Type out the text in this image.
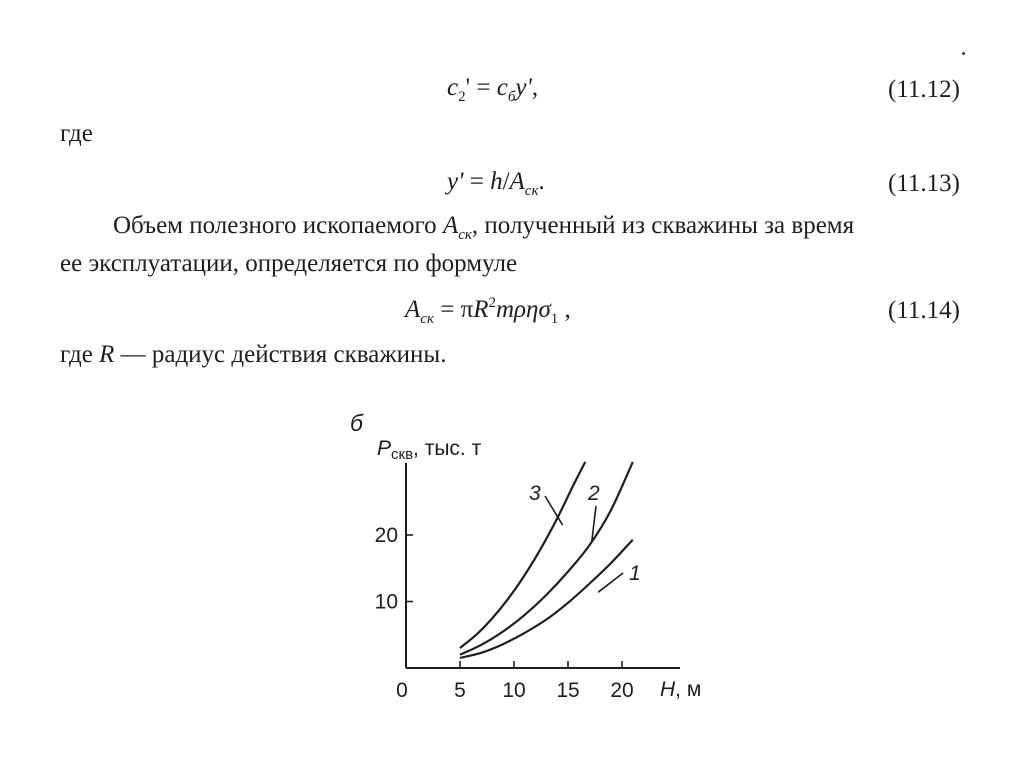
$c_2' = c_бy'$,	(11.12)
где
$y' = h/A_{ск}$.	(11.13)
Объем полезного ископаемого $A_{ск}$, полученный из скважины за время
ее эксплуатации, определяется по формуле
$A_{ск} = \pi R^2m\rho\eta\sigma_1$ ,	(11.14)
где R — радиус действия скважины.
б
Pскв, тыс. т
0 5 10 15 20
10
20
1
2
3
H, м
